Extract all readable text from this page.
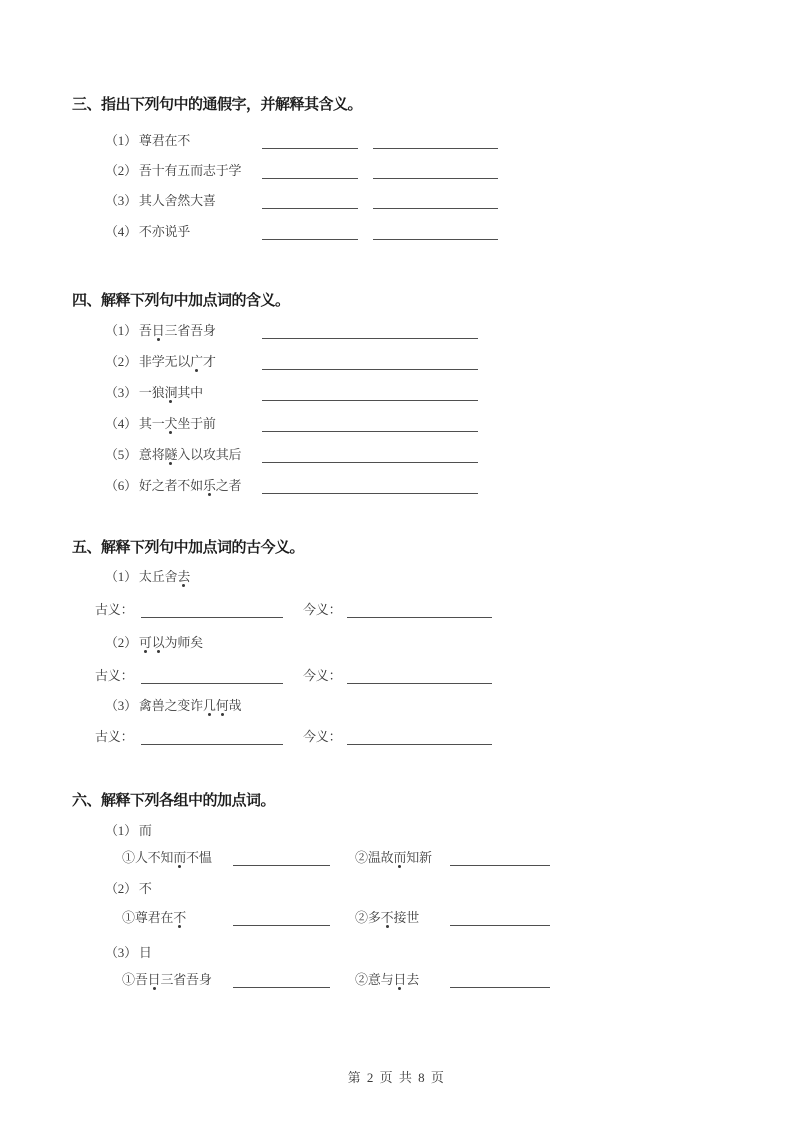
三、指出下列句中的通假字，并解释其含义。
（1） 尊君在不
（2） 吾十有五而志于学
（3） 其人舍然大喜
（4） 不亦说乎
四、解释下列句中加点词的含义。
（1） 吾日三省吾身
（2） 非学无以广才
（3） 一狼洞其中
（4） 其一犬坐于前
（5） 意将隧入以攻其后
（6） 好之者不如乐之者
五、解释下列句中加点词的古今义。
（1） 太丘舍去
古义：	今义：
（2） 可以为师矣
古义：	今义：
（3） 禽兽之变诈几何哉
古义：	今义：
六、解释下列各组中的加点词。
（1） 而
①人不知而不愠	②温故而知新
（2） 不
①尊君在不	②多不接世
（3） 日
①吾日三省吾身	②意与日去
第 2 页 共 8 页
